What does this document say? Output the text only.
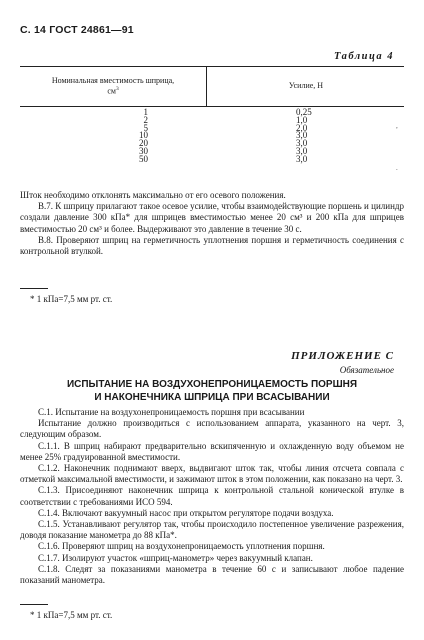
С. 14 ГОСТ 24861—91
Таблица 4
Номинальная вместимость шприца,
$см^3$	Усилие, Н
1
2
5
10
20
30
50
0,25
1,0
2,0
3,0
3,0
3,0
3,0
,
.

Шток необходимо отклонять максимально от его осевого положения.

В.7. К шприцу прилагают такое осевое усилие, чтобы взаимодействующие поршень и цилиндр создали давление 300 кПа* для шприцев вместимостью менее 20 см³ и 200 кПа для шприцев вместимостью 20 см³ и более. Выдерживают это давление в течение 30 с.

В.8. Проверяют шприц на герметичность уплотнения поршня и герметичность соединения с контрольной втулкой.

* 1 кПа=7,5 мм рт. ст.
ПРИЛОЖЕНИЕ С
Обязательное
ИСПЫТАНИЕ НА ВОЗДУХОНЕПРОНИЦАЕМОСТЬ ПОРШНЯ
И НАКОНЕЧНИКА ШПРИЦА ПРИ ВСАСЫВАНИИ

С.1. Испытание на воздухонепроницаемость поршня при всасывании

Испытание должно производиться с использованием аппарата, указанного на черт. 3, следующим образом.

С.1.1. В шприц набирают предварительно вскипяченную и охлажденную воду объемом не менее 25% градуированной вместимости.

С.1.2. Наконечник поднимают вверх, выдвигают шток так, чтобы линия отсчета совпала с отметкой максимальной вместимости, и зажимают шток в этом положении, как показано на черт. 3.

С.1.3. Присоединяют наконечник шприца к контрольной стальной конической втулке в соответствии с требованиями ИСО 594.

С.1.4. Включают вакуумный насос при открытом регуляторе подачи воздуха.

С.1.5. Устанавливают регулятор так, чтобы происходило постепенное увеличение разрежения, доводя показание манометра до 88 кПа*.

С.1.6. Проверяют шприц на воздухонепроницаемость уплотнения поршня.

С.1.7. Изолируют участок «шприц-манометр» через вакуумный клапан.

С.1.8. Следят за показаниями манометра в течение 60 с и записывают любое падение показаний манометра.

* 1 кПа=7,5 мм рт. ст.
